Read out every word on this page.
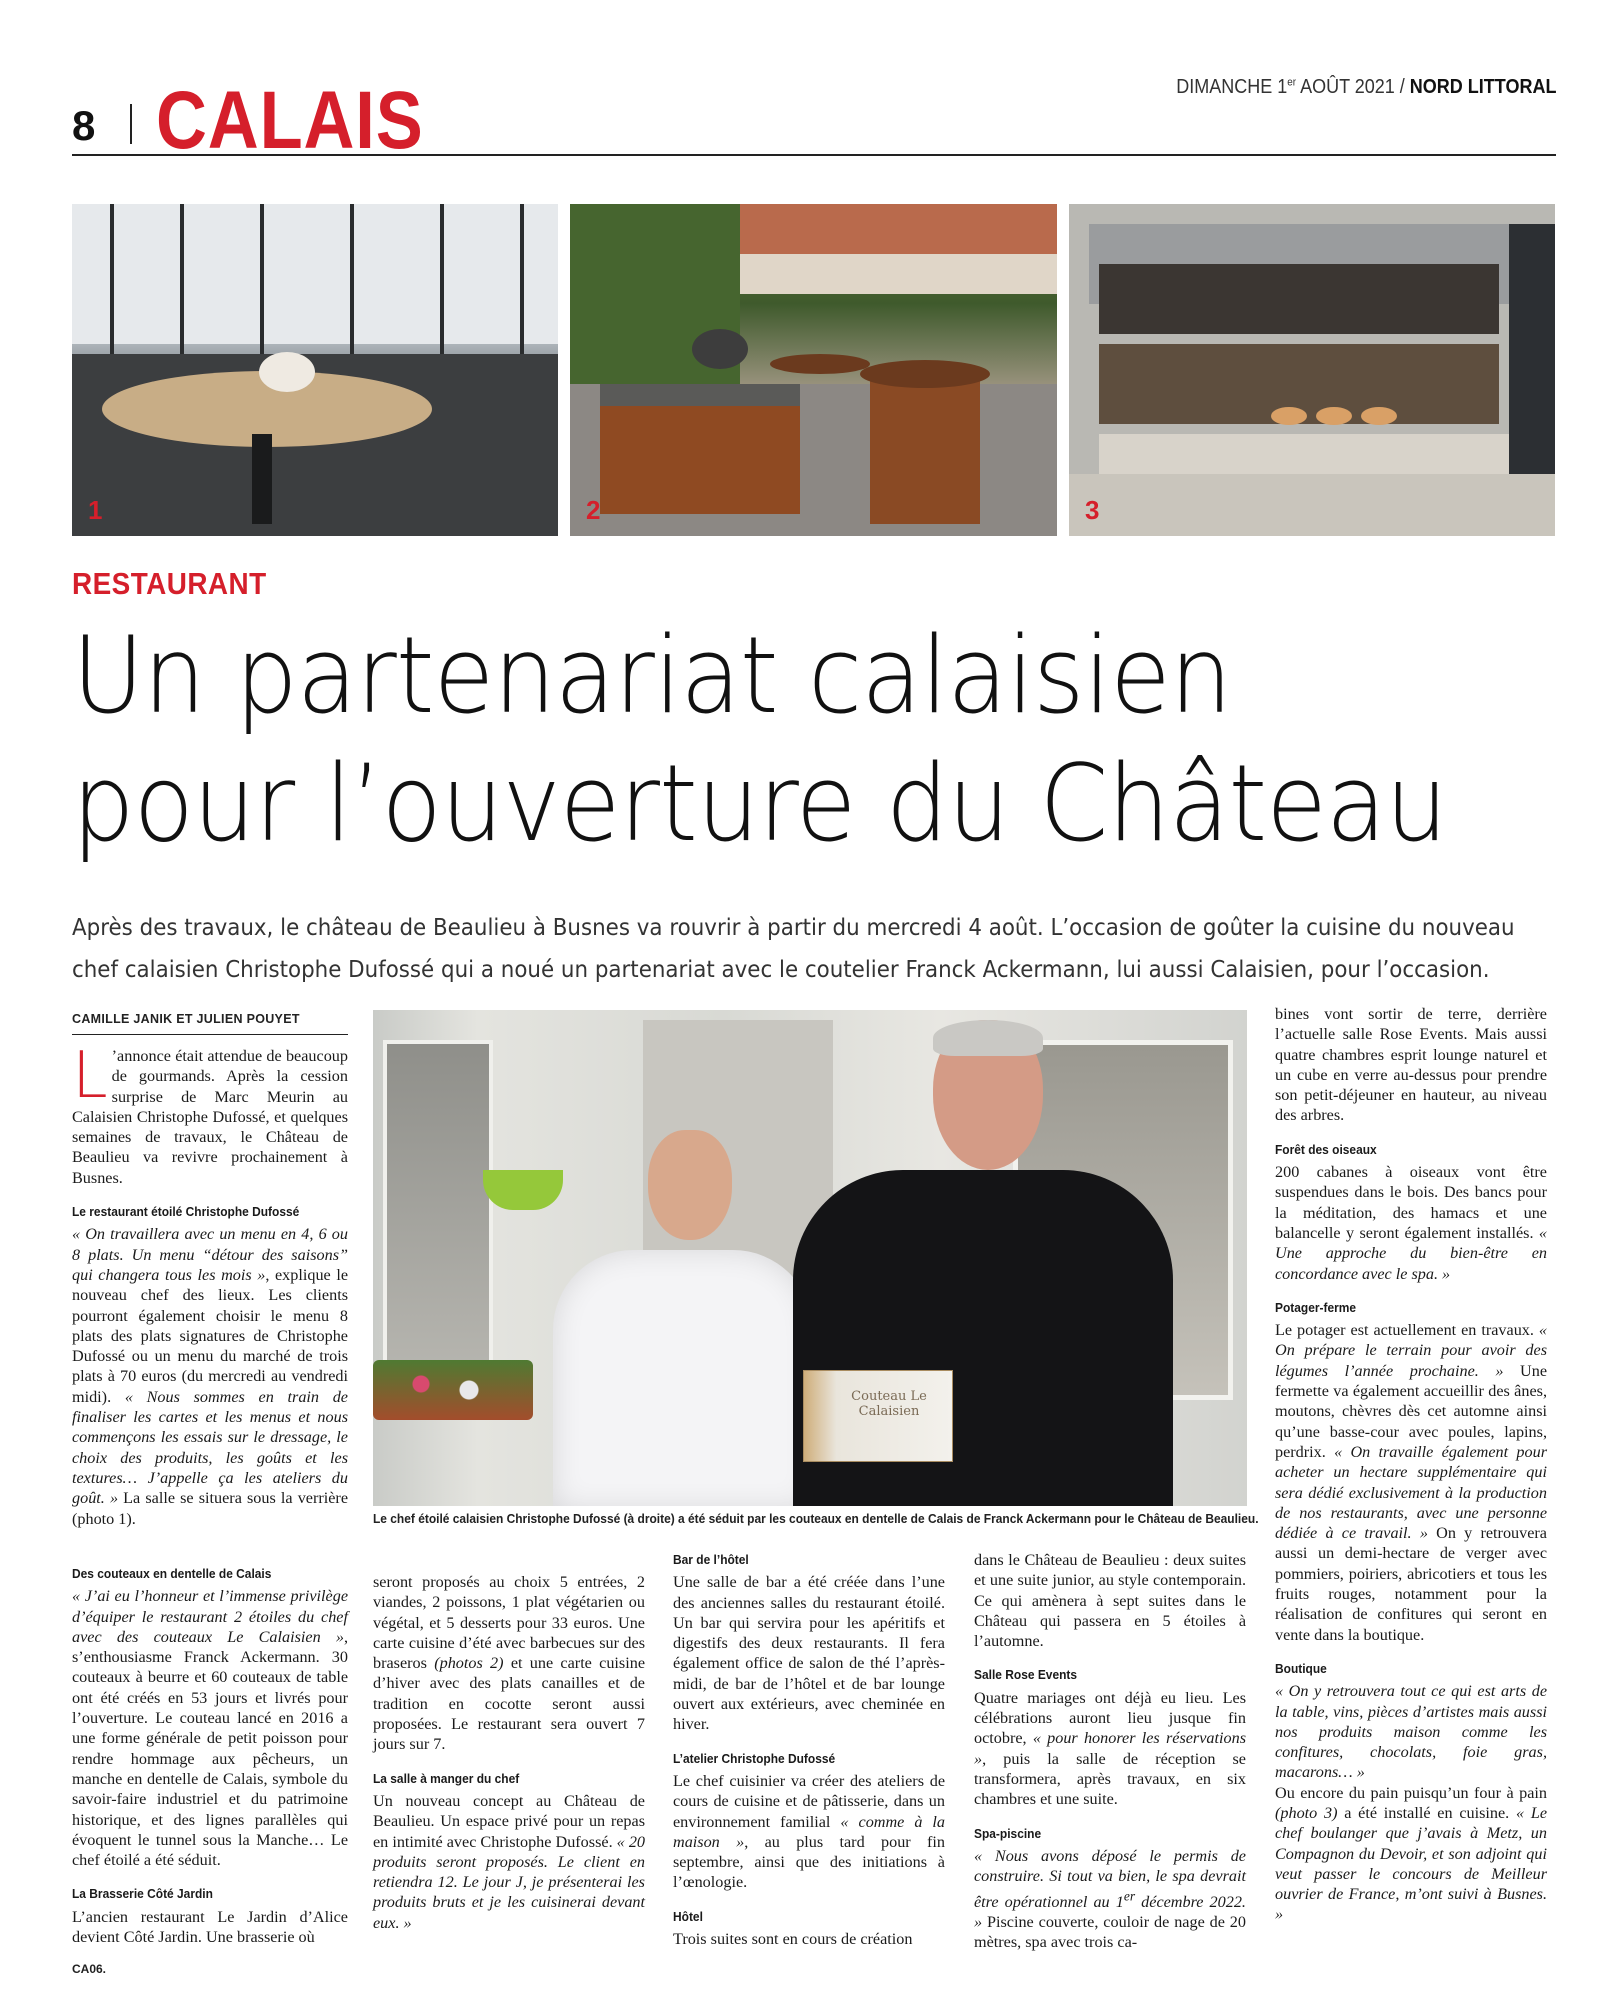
8 CALAIS	DIMANCHE 1er AOÛT 2021 / NORD LITTORAL
1	2	3
RESTAURANT
Un partenariat calaisien
pour l’ouverture du Château
Après des travaux, le château de Beaulieu à Busnes va rouvrir à partir du mercredi 4 août. L’occasion de goûter la cuisine du nouveau
chef calaisien Christophe Dufossé qui a noué un partenariat avec le coutelier Franck Ackermann, lui aussi Calaisien, pour l’occasion.
CAMILLE JANIK ET JULIEN POUYET

L ’annonce était attendue de beaucoup de gourmands. Après la cession surprise de Marc Meurin au Calaisien Christophe Dufossé, et quelques semaines de travaux, le Château de Beaulieu va revivre prochainement à Busnes.

Le restaurant étoilé Christophe Dufossé

« On travaillera avec un menu en 4, 6 ou 8 plats. Un menu “détour des saisons” qui changera tous les mois », explique le nouveau chef des lieux. Les clients pourront également choisir le menu 8 plats des plats signatures de Christophe Dufossé ou un menu du marché de trois plats à 70 euros (du mercredi au vendredi midi). « Nous sommes en train de finaliser les cartes et les menus et nous commençons les essais sur le dressage, le choix des produits, les goûts et les textures… J’appelle ça les ateliers du goût. » La salle se situera sous la verrière (photo 1).

Des couteaux en dentelle de Calais

« J’ai eu l’honneur et l’immense privilège d’équiper le restaurant 2 étoiles du chef avec des couteaux Le Calaisien », s’enthousiasme Franck Ackermann. 30 couteaux à beurre et 60 couteaux de table ont été créés en 53 jours et livrés pour l’ouverture. Le couteau lancé en 2016 a une forme générale de petit poisson pour rendre hommage aux pêcheurs, un manche en dentelle de Calais, symbole du savoir-faire industriel et du patrimoine historique, et des lignes parallèles qui évoquent le tunnel sous la Manche… Le chef étoilé a été séduit.

La Brasserie Côté Jardin

L’ancien restaurant Le Jardin d’Alice devient Côté Jardin. Une brasserie où

Couteau Le Calaisien
Le chef étoilé calaisien Christophe Dufossé (à droite) a été séduit par les couteaux en dentelle de Calais de Franck Ackermann pour le Château de Beaulieu.

seront proposés au choix 5 entrées, 2 viandes, 2 poissons, 1 plat végétarien ou végétal, et 5 desserts pour 33 euros. Une carte cuisine d’été avec barbecues sur des braseros (photos 2) et une carte cuisine d’hiver avec des plats canailles et de tradition en cocotte seront aussi proposées. Le restaurant sera ouvert 7 jours sur 7.

La salle à manger du chef

Un nouveau concept au Château de Beaulieu. Un espace privé pour un repas en intimité avec Christophe Dufossé. « 20 produits seront proposés. Le client en retiendra 12. Le jour J, je présenterai les produits bruts et je les cuisinerai devant eux. »

Bar de l’hôtel

Une salle de bar a été créée dans l’une des anciennes salles du restaurant étoilé. Un bar qui servira pour les apéritifs et digestifs des deux restaurants. Il fera également office de salon de thé l’après-midi, de bar de l’hôtel et de bar lounge ouvert aux extérieurs, avec cheminée en hiver.

L’atelier Christophe Dufossé

Le chef cuisinier va créer des ateliers de cours de cuisine et de pâtisserie, dans un environnement familial « comme à la maison », au plus tard pour fin septembre, ainsi que des initiations à l’œnologie.

Hôtel

Trois suites sont en cours de création

dans le Château de Beaulieu : deux suites et une suite junior, au style contemporain. Ce qui amènera à sept suites dans le Château qui passera en 5 étoiles à l’automne.

Salle Rose Events

Quatre mariages ont déjà eu lieu. Les célébrations auront lieu jusque fin octobre, « pour honorer les réservations », puis la salle de réception se transformera, après travaux, en six chambres et une suite.

Spa-piscine

« Nous avons déposé le permis de construire. Si tout va bien, le spa devrait être opérationnel au 1er décembre 2022. » Piscine couverte, couloir de nage de 20 mètres, spa avec trois ca-

bines vont sortir de terre, derrière l’actuelle salle Rose Events. Mais aussi quatre chambres esprit lounge naturel et un cube en verre au-dessus pour prendre son petit-déjeuner en hauteur, au niveau des arbres.

Forêt des oiseaux

200 cabanes à oiseaux vont être suspendues dans le bois. Des bancs pour la méditation, des hamacs et une balancelle y seront également installés. « Une approche du bien-être en concordance avec le spa. »

Potager-ferme

Le potager est actuellement en travaux. « On prépare le terrain pour avoir des légumes l’année prochaine. » Une fermette va également accueillir des ânes, moutons, chèvres dès cet automne ainsi qu’une basse-cour avec poules, lapins, perdrix. « On travaille également pour acheter un hectare supplémentaire qui sera dédié exclusivement à la production de nos restaurants, avec une personne dédiée à ce travail. » On y retrouvera aussi un demi-hectare de verger avec pommiers, poiriers, abricotiers et tous les fruits rouges, notamment pour la réalisation de confitures qui seront en vente dans la boutique.

Boutique

« On y retrouvera tout ce qui est arts de la table, vins, pièces d’artistes mais aussi nos produits maison comme les confitures, chocolats, foie gras, macarons… »

Ou encore du pain puisqu’un four à pain (photo 3) a été installé en cuisine. « Le chef boulanger que j’avais à Metz, un Compagnon du Devoir, et son adjoint qui veut passer le concours de Meilleur ouvrier de France, m’ont suivi à Busnes. »

CA06.
